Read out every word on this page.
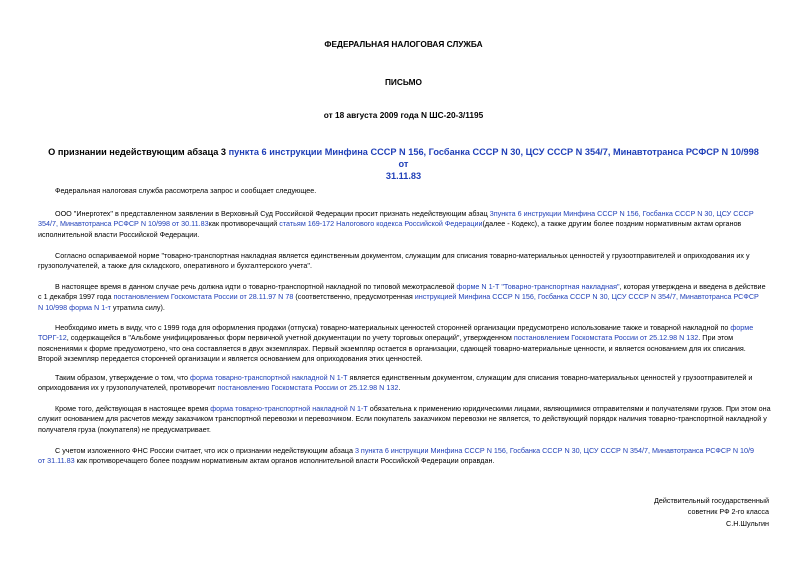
ФЕДЕРАЛЬНАЯ НАЛОГОВАЯ СЛУЖБА
ПИСЬМО
от 18 августа 2009 года N ШС-20-3/1195
О признании недействующим абзаца 3 пункта 6 инструкции Минфина СССР N 156, Госбанка СССР N 30, ЦСУ СССР N 354/7, Минавтотранса РСФСР N 10/998 от
31.11.83
Федеральная налоговая служба рассмотрела запрос и сообщает следующее.
ООО "Инерготех" в представленном заявлении в Верховный Суд Российской Федерации просит признать недействующим абзац 3пункта 6 инструкции Минфина СССР N 156, Госбанка СССР N 30, ЦСУ СССР
354/7, Минавтотранса РСФСР N 10/998 от 30.11.83как противоречащий статьям 169-172 Налогового кодекса Российской Федерации(далее - Кодекс), а также другим более поздним нормативным актам органов
исполнительной власти Российской Федерации.
Согласно оспариваемой норме "товарно-транспортная накладная является единственным документом, служащим для списания товарно-материальных ценностей у грузоотправителей и оприходования их у
грузополучателей, а также для складского, оперативного и бухгалтерского учета".
В настоящее время в данном случае речь должна идти о товарно-транспортной накладной по типовой межотраслевой форме N 1-Т "Товарно-транспортная накладная", которая утверждена и введена в действие
с 1 декабря 1997 года постановлением Госкомстата России от 28.11.97 N 78 (соответственно, предусмотренная инструкцией Минфина СССР N 156, Госбанка СССР N 30, ЦСУ СССР N 354/7, Минавтотранса РСФСР
N 10/998 форма N 1-т утратила силу).
Необходимо иметь в виду, что с 1999 года для оформления продажи (отпуска) товарно-материальных ценностей сторонней организации предусмотрено использование также и товарной накладной по форме
ТОРГ-12, содержащейся в "Альбоме унифицированных форм первичной учетной документации по учету торговых операций", утвержденном постановлением Госкомстата России от 25.12.98 N 132. При этом
пояснениями к форме предусмотрено, что она составляется в двух экземплярах. Первый экземпляр остается в организации, сдающей товарно-материальные ценности, и является основанием для их списания.
Второй экземпляр передается сторонней организации и является основанием для оприходования этих ценностей.
Таким образом, утверждение о том, что форма товарно-транспортной накладной N 1-Т является единственным документом, служащим для списания товарно-материальных ценностей у грузоотправителей и
оприходования их у грузополучателей, противоречит постановлению Госкомстата России от 25.12.98 N 132.
Кроме того, действующая в настоящее время форма товарно-транспортной накладной N 1-Т обязательна к применению юридическими лицами, являющимися отправителями и получателями грузов. При этом она
служит основанием для расчетов между заказчиком транспортной перевозки и перевозчиком. Если покупатель заказчиком перевозки не является, то действующий порядок наличия товарно-транспортной накладной у
получателя груза (покупателя) не предусматривает.
С учетом изложенного ФНС России считает, что иск о признании недействующим абзаца 3 пункта 6 инструкции Минфина СССР N 156, Госбанка СССР N 30, ЦСУ СССР N 354/7, Минавтотранса РСФСР N 10/9
от 31.11.83 как противоречащего более поздним нормативным актам органов исполнительной власти Российской Федерации оправдан.
Действительный государственный
советник РФ 2-го класса
С.Н.Шульгин
